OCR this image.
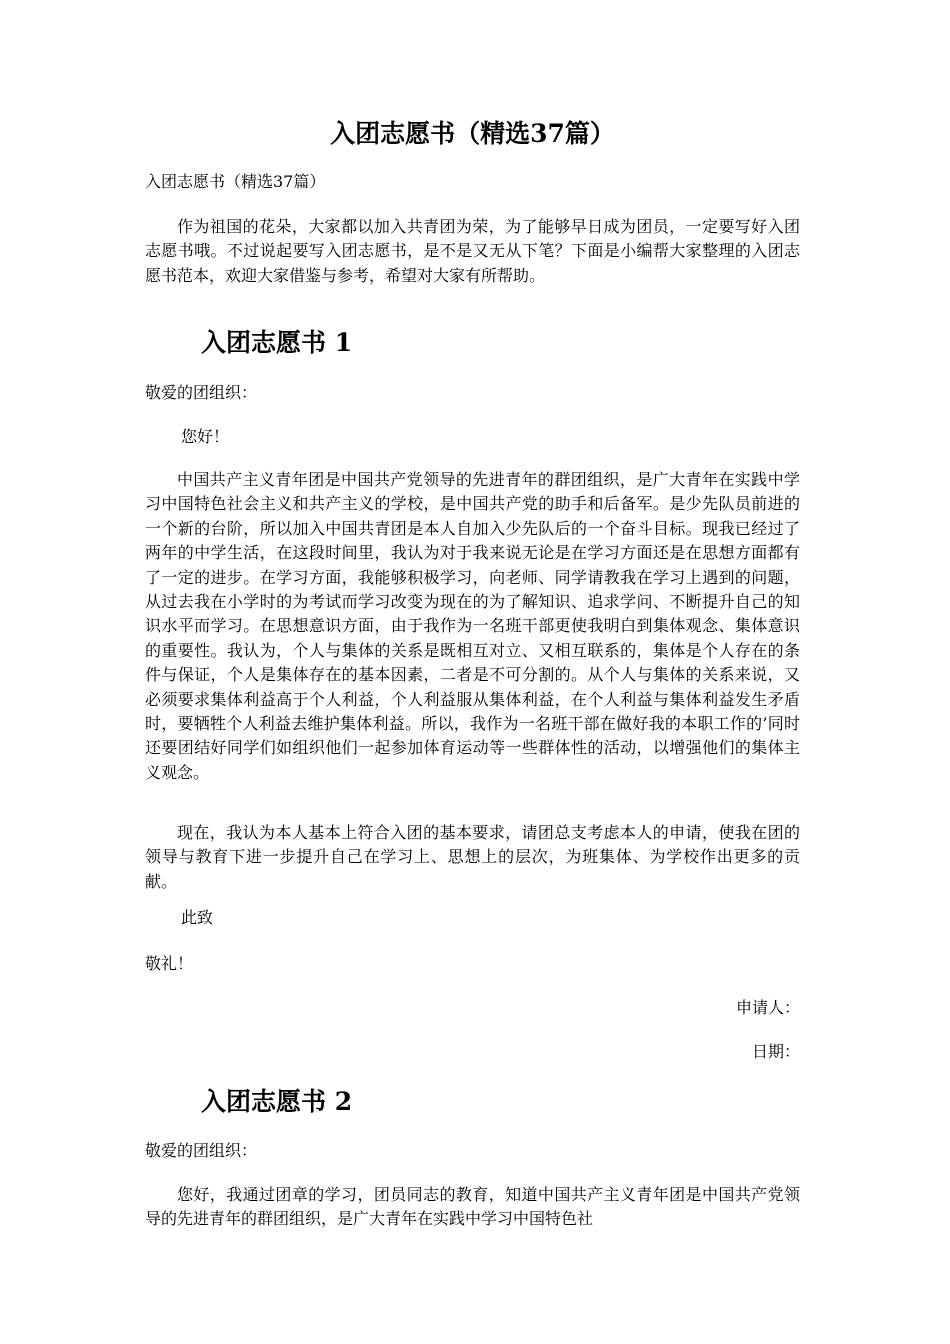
入团志愿书（精选37篇）

入团志愿书（精选37篇）

作为祖国的花朵，大家都以加入共青团为荣，为了能够早日成为团员，一定要写好入团志愿书哦。不过说起要写入团志愿书，是不是又无从下笔？下面是小编帮大家整理的入团志愿书范本，欢迎大家借鉴与参考，希望对大家有所帮助。

入团志愿书 1

敬爱的团组织：

您好！

中国共产主义青年团是中国共产党领导的先进青年的群团组织，是广大青年在实践中学习中国特色社会主义和共产主义的学校，是中国共产党的助手和后备军。是少先队员前进的一个新的台阶，所以加入中国共青团是本人自加入少先队后的一个奋斗目标。现我已经过了两年的中学生活，在这段时间里，我认为对于我来说无论是在学习方面还是在思想方面都有了一定的进步。在学习方面，我能够积极学习，向老师、同学请教我在学习上遇到的问题，从过去我在小学时的为考试而学习改变为现在的为了解知识、追求学问、不断提升自己的知识水平而学习。在思想意识方面，由于我作为一名班干部更使我明白到集体观念、集体意识的重要性。我认为，个人与集体的关系是既相互对立、又相互联系的，集体是个人存在的条件与保证，个人是集体存在的基本因素，二者是不可分割的。从个人与集体的关系来说，又必须要求集体利益高于个人利益，个人利益服从集体利益，在个人利益与集体利益发生矛盾时，要牺牲个人利益去维护集体利益。所以，我作为一名班干部在做好我的本职工作的’同时还要团结好同学们如组织他们一起参加体育运动等一些群体性的活动，以增强他们的集体主义观念。

现在，我认为本人基本上符合入团的基本要求，请团总支考虑本人的申请，使我在团的领导与教育下进一步提升自己在学习上、思想上的层次，为班集体、为学校作出更多的贡献。

此致

敬礼！

申请人：

日期：

入团志愿书 2

敬爱的团组织：

您好，我通过团章的学习，团员同志的教育，知道中国共产主义青年团是中国共产党领导的先进青年的群团组织，是广大青年在实践中学习中国特色社
